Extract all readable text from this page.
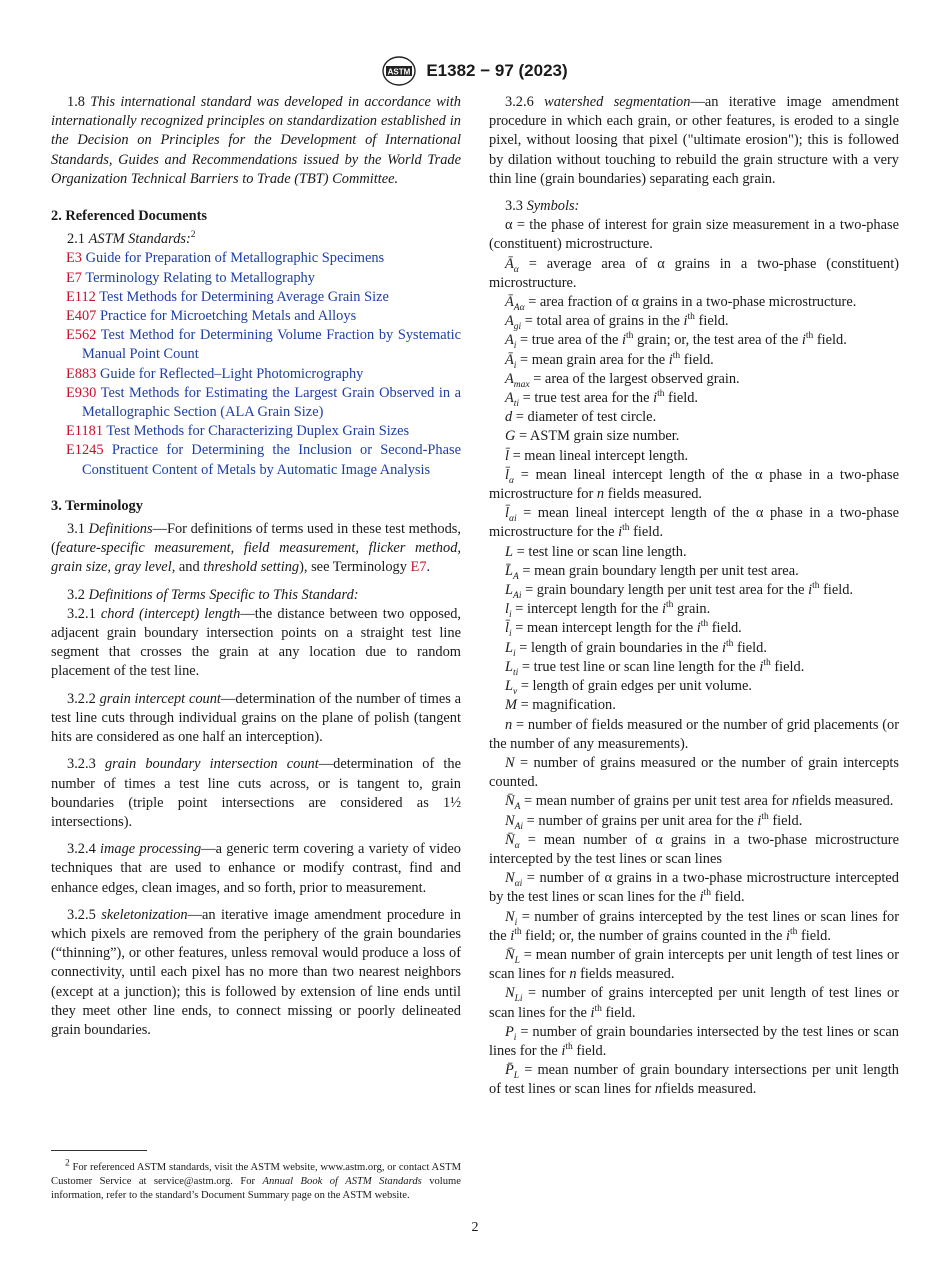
ASTM E1382 − 97 (2023)

1.8 This international standard was developed in accordance with internationally recognized principles on standardization established in the Decision on Principles for the Development of International Standards, Guides and Recommendations issued by the World Trade Organization Technical Barriers to Trade (TBT) Committee.

2. Referenced Documents

2.1 ASTM Standards:$^2$

E3 Guide for Preparation of Metallographic Specimens

E7 Terminology Relating to Metallography

E112 Test Methods for Determining Average Grain Size

E407 Practice for Microetching Metals and Alloys

E562 Test Method for Determining Volume Fraction by Systematic Manual Point Count

E883 Guide for Reflected–Light Photomicrography

E930 Test Methods for Estimating the Largest Grain Observed in a Metallographic Section (ALA Grain Size)

E1181 Test Methods for Characterizing Duplex Grain Sizes

E1245 Practice for Determining the Inclusion or Second-Phase Constituent Content of Metals by Automatic Image Analysis

3. Terminology

3.1 Definitions—For definitions of terms used in these test methods, (feature-specific measurement, field measurement, flicker method, grain size, gray level, and threshold setting), see Terminology E7.

3.2 Definitions of Terms Specific to This Standard:

3.2.1 chord (intercept) length—the distance between two opposed, adjacent grain boundary intersection points on a straight test line segment that crosses the grain at any location due to random placement of the test line.

3.2.2 grain intercept count—determination of the number of times a test line cuts through individual grains on the plane of polish (tangent hits are considered as one half an interception).

3.2.3 grain boundary intersection count—determination of the number of times a test line cuts across, or is tangent to, grain boundaries (triple point intersections are considered as 1½ intersections).

3.2.4 image processing—a generic term covering a variety of video techniques that are used to enhance or modify contrast, find and enhance edges, clean images, and so forth, prior to measurement.

3.2.5 skeletonization—an iterative image amendment procedure in which pixels are removed from the periphery of the grain boundaries (“thinning”), or other features, unless removal would produce a loss of connectivity, until each pixel has no more than two nearest neighbors (except at a junction); this is followed by extension of line ends until they meet other line ends, to connect missing or poorly delineated grain boundaries.

$^2$ For referenced ASTM standards, visit the ASTM website, www.astm.org, or contact ASTM Customer Service at service@astm.org. For Annual Book of ASTM Standards volume information, refer to the standard’s Document Summary page on the ASTM website.

3.2.6 watershed segmentation—an iterative image amendment procedure in which each grain, or other features, is eroded to a single pixel, without loosing that pixel ("ultimate erosion"); this is followed by dilation without touching to rebuild the grain structure with a very thin line (grain boundaries) separating each grain.

3.3 Symbols:

α = the phase of interest for grain size measurement in a two-phase (constituent) microstructure.

$Ā_\alpha$ = average area of α grains in a two-phase (constituent) microstructure.

$Ā_{A\alpha}$ = area fraction of α grains in a two-phase microstructure.

$A_{gi}$ = total area of grains in the $i^{th}$ field.

$A_i$ = true area of the $i^{th}$ grain; or, the test area of the $i^{th}$ field.

$Ā_i$ = mean grain area for the $i^{th}$ field.

$A_{max}$ = area of the largest observed grain.

$A_{ti}$ = true test area for the $i^{th}$ field.

d = diameter of test circle.

G = ASTM grain size number.

l̄ = mean lineal intercept length.

$l̄_\alpha$ = mean lineal intercept length of the α phase in a two-phase microstructure for n fields measured.

$l̄_{\alpha i}$ = mean lineal intercept length of the α phase in a two-phase microstructure for the $i^{th}$ field.

L = test line or scan line length.

$L̄_A$ = mean grain boundary length per unit test area.

$L_{Ai}$ = grain boundary length per unit test area for the $i^{th}$ field.

$l_i$ = intercept length for the $i^{th}$ grain.

$l̄_i$ = mean intercept length for the $i^{th}$ field.

$L_i$ = length of grain boundaries in the $i^{th}$ field.

$L_{ti}$ = true test line or scan line length for the $i^{th}$ field.

$L_v$ = length of grain edges per unit volume.

M = magnification.

n = number of fields measured or the number of grid placements (or the number of any measurements).

N = number of grains measured or the number of grain intercepts counted.

$N̄_A$ = mean number of grains per unit test area for nfields measured.

$N_{Ai}$ = number of grains per unit area for the $i^{th}$ field.

$N̄_\alpha$ = mean number of α grains in a two-phase microstructure intercepted by the test lines or scan lines

$N_{\alpha i}$ = number of α grains in a two-phase microstructure intercepted by the test lines or scan lines for the $i^{th}$ field.

$N_i$ = number of grains intercepted by the test lines or scan lines for the $i^{th}$ field; or, the number of grains counted in the $i^{th}$ field.

$N̄_L$ = mean number of grain intercepts per unit length of test lines or scan lines for n fields measured.

$N_{Li}$ = number of grains intercepted per unit length of test lines or scan lines for the $i^{th}$ field.

$P_i$ = number of grain boundaries intersected by the test lines or scan lines for the $i^{th}$ field.

$P̄_L$ = mean number of grain boundary intersections per unit length of test lines or scan lines for nfields measured.

2
